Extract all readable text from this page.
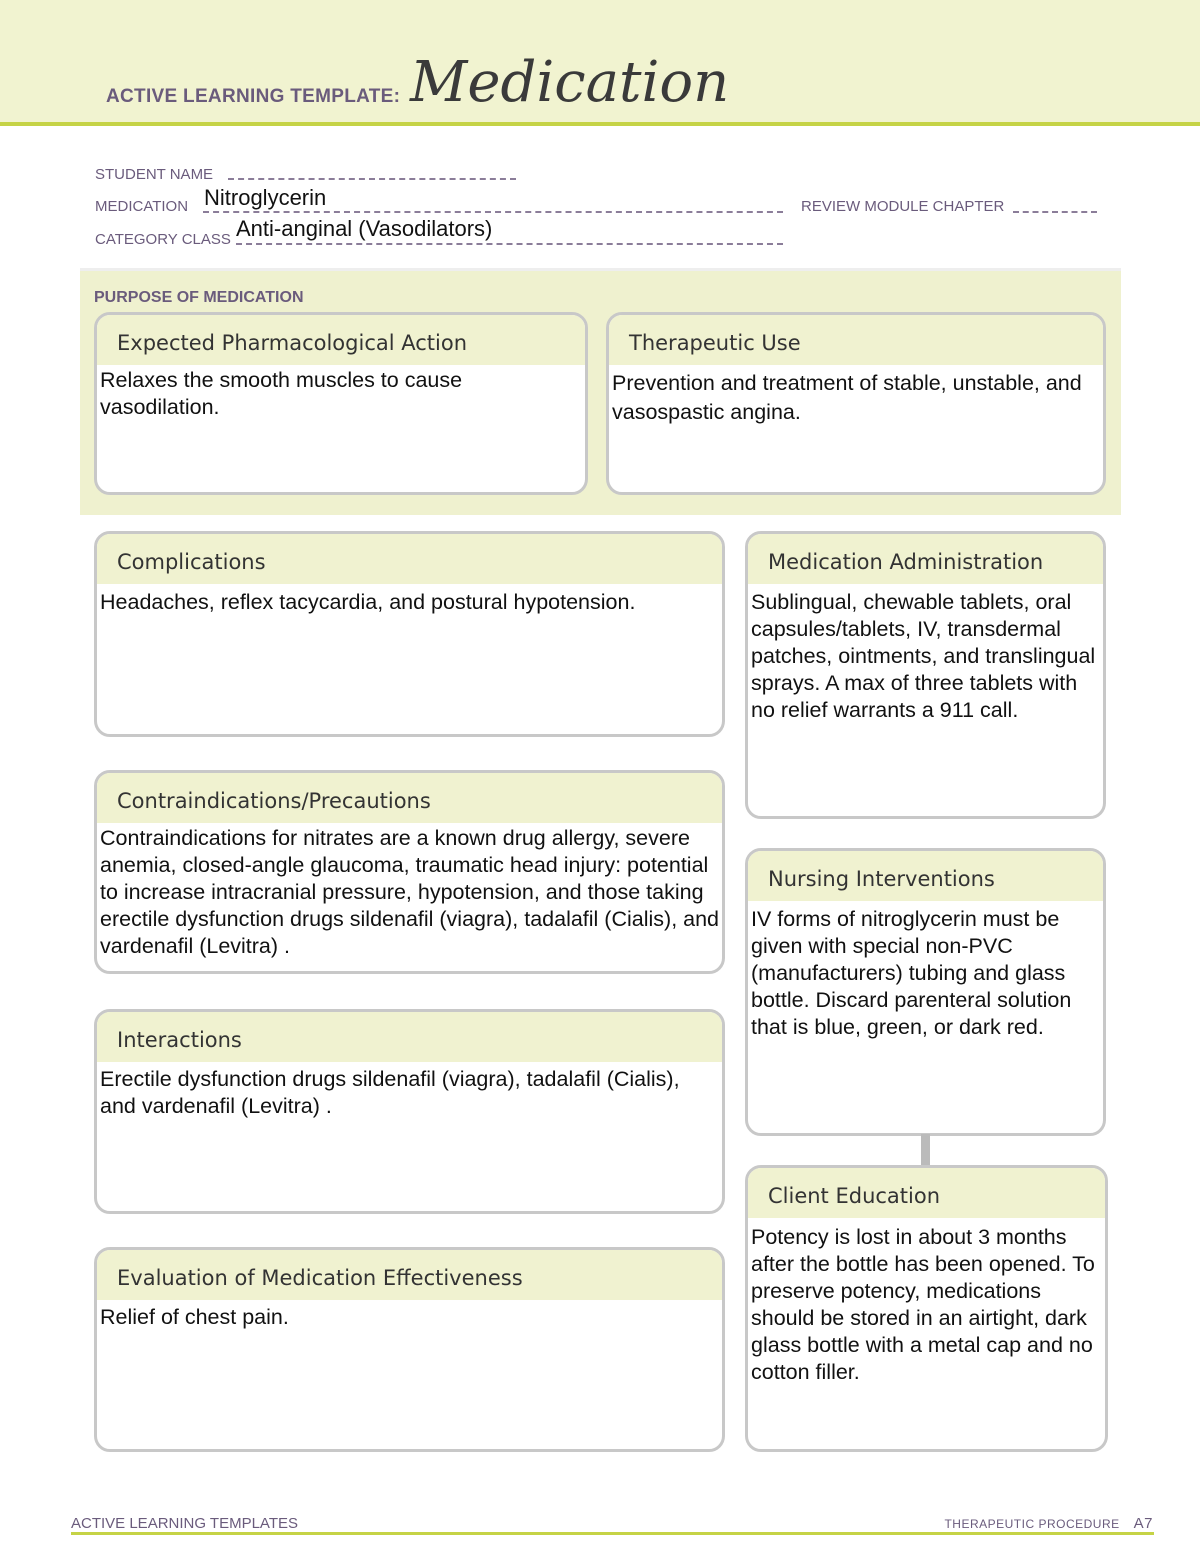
ACTIVE LEARNING TEMPLATE: Medication
STUDENT NAME
MEDICATION Nitroglycerin	REVIEW MODULE CHAPTER
CATEGORY CLASS Anti-anginal (Vasodilators)
PURPOSE OF MEDICATION
Expected Pharmacological Action
Relaxes the smooth muscles to cause vasodilation.
Therapeutic Use
Prevention and treatment of stable, unstable, and vasospastic angina.
Complications
Headaches, reflex tacycardia, and postural hypotension.
Medication Administration
Sublingual, chewable tablets, oral capsules/tablets, IV, transdermal patches, ointments, and translingual sprays. A max of three tablets with no relief warrants a 911 call.
Contraindications/Precautions
Contraindications for nitrates are a known drug allergy, severe anemia, closed-angle glaucoma, traumatic head injury: potential to increase intracranial pressure, hypotension, and those taking erectile dysfunction drugs sildenafil (viagra), tadalafil (Cialis), and vardenafil (Levitra) .
Nursing Interventions
IV forms of nitroglycerin must be given with special non-PVC (manufacturers) tubing and glass bottle. Discard parenteral solution that is blue, green, or dark red.
Interactions
Erectile dysfunction drugs sildenafil (viagra), tadalafil (Cialis), and vardenafil (Levitra) .
Client Education
Potency is lost in about 3 months after the bottle has been opened. To preserve potency, medications should be stored in an airtight, dark glass bottle with a metal cap and no cotton filler.
Evaluation of Medication Effectiveness
Relief of chest pain.
ACTIVE LEARNING TEMPLATES	THERAPEUTIC PROCEDURE A7
